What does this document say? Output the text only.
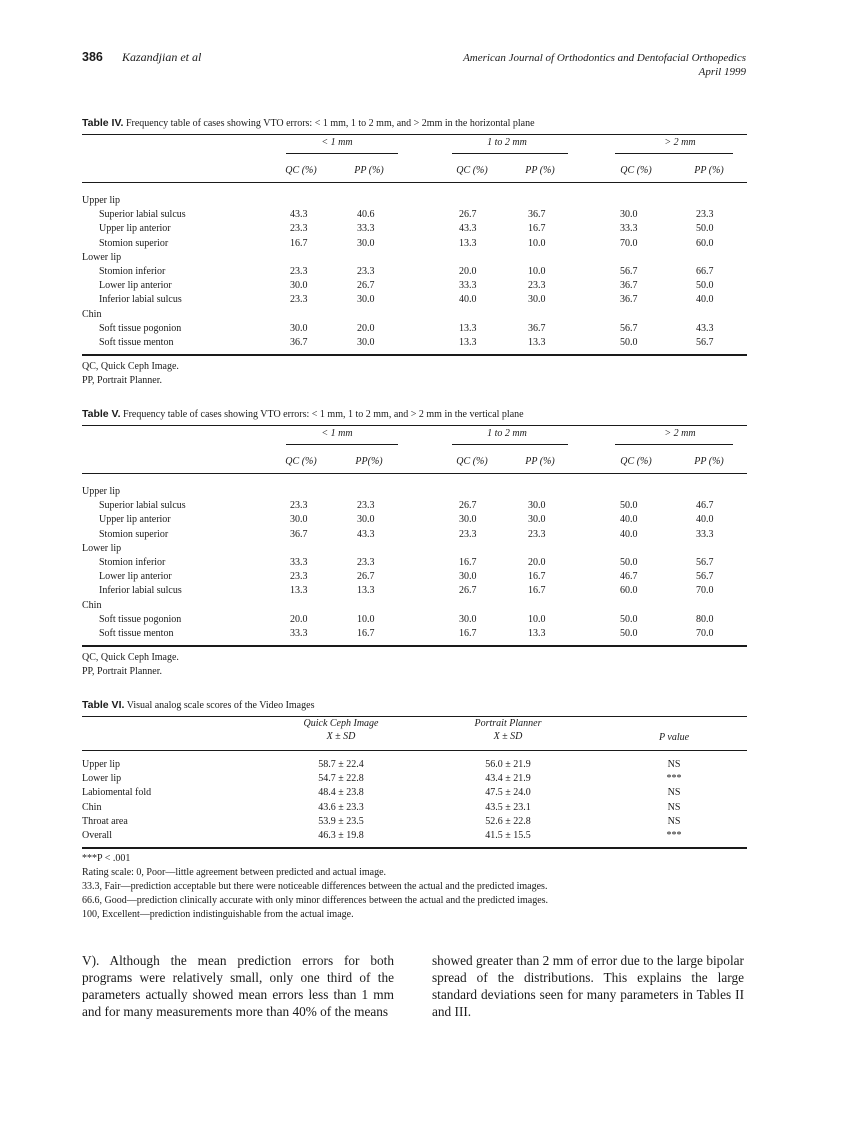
386 Kazandjian et al	American Journal of Orthodontics and Dentofacial Orthopedics
April 1999
Table IV. Frequency table of cases showing VTO errors: < 1 mm, 1 to 2 mm, and > 2mm in the horizontal plane
< 1 mm	1 to 2 mm	> 2 mm
QC (%)	PP (%)	QC (%)	PP (%)	QC (%)	PP (%)
Upper lip
Superior labial sulcus	43.3	40.6	26.7	36.7	30.0	23.3
Upper lip anterior	23.3	33.3	43.3	16.7	33.3	50.0
Stomion superior	16.7	30.0	13.3	10.0	70.0	60.0
Lower lip
Stomion inferior	23.3	23.3	20.0	10.0	56.7	66.7
Lower lip anterior	30.0	26.7	33.3	23.3	36.7	50.0
Inferior labial sulcus	23.3	30.0	40.0	30.0	36.7	40.0
Chin
Soft tissue pogonion	30.0	20.0	13.3	36.7	56.7	43.3
Soft tissue menton	36.7	30.0	13.3	13.3	50.0	56.7
QC, Quick Ceph Image.
PP, Portrait Planner.
Table V. Frequency table of cases showing VTO errors: < 1 mm, 1 to 2 mm, and > 2 mm in the vertical plane
< 1 mm	1 to 2 mm	> 2 mm
QC (%)	PP(%)	QC (%)	PP (%)	QC (%)	PP (%)
Upper lip
Superior labial sulcus	23.3	23.3	26.7	30.0	50.0	46.7
Upper lip anterior	30.0	30.0	30.0	30.0	40.0	40.0
Stomion superior	36.7	43.3	23.3	23.3	40.0	33.3
Lower lip
Stomion inferior	33.3	23.3	16.7	20.0	50.0	56.7
Lower lip anterior	23.3	26.7	30.0	16.7	46.7	56.7
Inferior labial sulcus	13.3	13.3	26.7	16.7	60.0	70.0
Chin
Soft tissue pogonion	20.0	10.0	30.0	10.0	50.0	80.0
Soft tissue menton	33.3	16.7	16.7	13.3	50.0	70.0
QC, Quick Ceph Image.
PP, Portrait Planner.
Table VI. Visual analog scale scores of the Video Images
Quick Ceph Image
X ± SD
Portrait Planner
X ± SD	P value
Upper lip	58.7 ± 22.4	56.0 ± 21.9	NS
Lower lip	54.7 ± 22.8	43.4 ± 21.9	***
Labiomental fold	48.4 ± 23.8	47.5 ± 24.0	NS
Chin	43.6 ± 23.3	43.5 ± 23.1	NS
Throat area	53.9 ± 23.5	52.6 ± 22.8	NS
Overall	46.3 ± 19.8	41.5 ± 15.5	***
***P < .001
Rating scale: 0, Poor—little agreement between predicted and actual image.
33.3, Fair—prediction acceptable but there were noticeable differences between the actual and the predicted images.
66.6, Good—prediction clinically accurate with only minor differences between the actual and the predicted images.
100, Excellent—prediction indistinguishable from the actual image.
V). Although the mean prediction errors for both programs were relatively small, only one third of the parameters actually showed mean errors less than 1 mm and for many measurements more than 40% of the means
showed greater than 2 mm of error due to the large bipolar spread of the distributions. This explains the large standard deviations seen for many parameters in Tables II and III.
